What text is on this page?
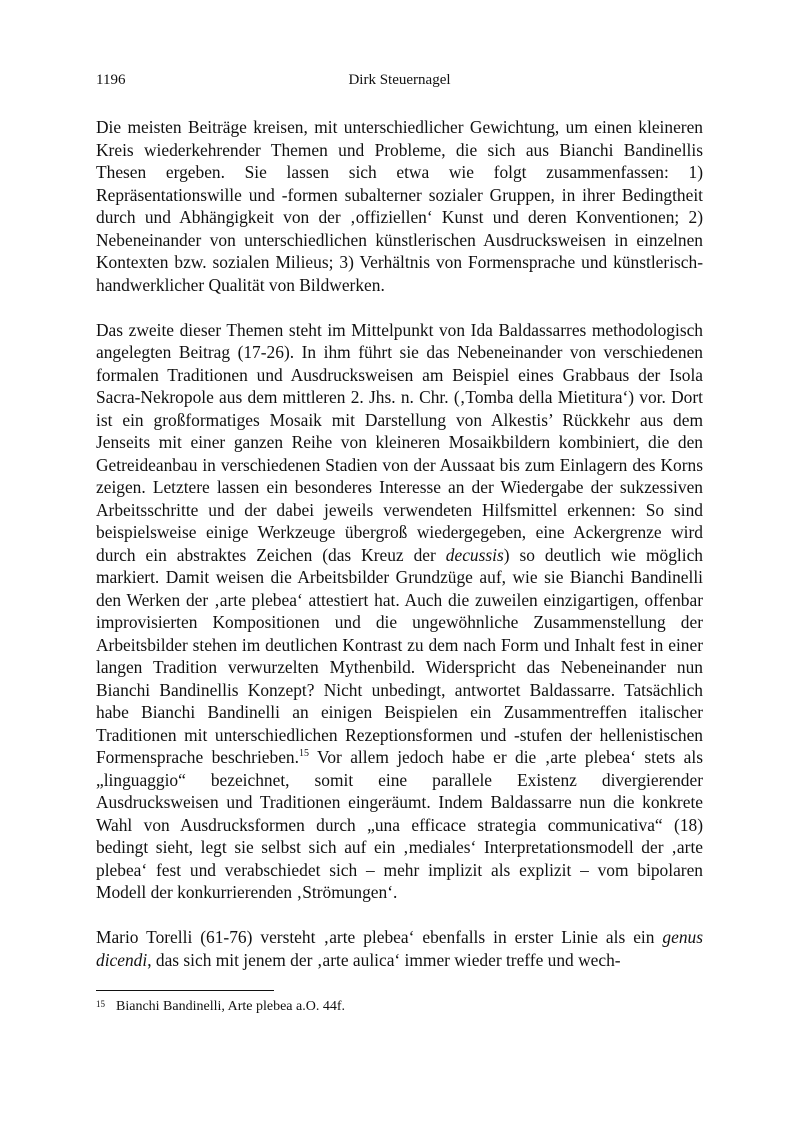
1196	Dirk Steuernagel

Die meisten Beiträge kreisen, mit unterschiedlicher Gewichtung, um einen kleineren Kreis wiederkehrender Themen und Probleme, die sich aus Bianchi Bandinellis Thesen ergeben. Sie lassen sich etwa wie folgt zusammenfassen: 1) Repräsentationswille und -formen subalterner sozialer Gruppen, in ihrer Bedingtheit durch und Abhängigkeit von der ‚offiziellen‘ Kunst und deren Konventionen; 2) Nebeneinander von unterschiedlichen künstlerischen Ausdrucksweisen in einzelnen Kontexten bzw. sozialen Milieus; 3) Verhältnis von Formensprache und künstlerisch-handwerklicher Qualität von Bildwerken.

Das zweite dieser Themen steht im Mittelpunkt von Ida Baldassarres methodologisch angelegten Beitrag (17-26). In ihm führt sie das Nebeneinander von verschiedenen formalen Traditionen und Ausdrucksweisen am Beispiel eines Grabbaus der Isola Sacra-Nekropole aus dem mittleren 2. Jhs. n. Chr. (‚Tomba della Mietitura‘) vor. Dort ist ein großformatiges Mosaik mit Darstellung von Alkestis’ Rückkehr aus dem Jenseits mit einer ganzen Reihe von kleineren Mosaikbildern kombiniert, die den Getreideanbau in verschiedenen Stadien von der Aussaat bis zum Einlagern des Korns zeigen. Letztere lassen ein besonderes Interesse an der Wiedergabe der sukzessiven Arbeitsschritte und der dabei jeweils verwendeten Hilfsmittel erkennen: So sind beispielsweise einige Werkzeuge übergroß wiedergegeben, eine Ackergrenze wird durch ein abstraktes Zeichen (das Kreuz der decussis) so deutlich wie möglich markiert. Damit weisen die Arbeitsbilder Grundzüge auf, wie sie Bianchi Bandinelli den Werken der ‚arte plebea‘ attestiert hat. Auch die zuweilen einzigartigen, offenbar improvisierten Kompositionen und die ungewöhnliche Zusammenstellung der Arbeitsbilder stehen im deutlichen Kontrast zu dem nach Form und Inhalt fest in einer langen Tradition verwurzelten Mythenbild. Widerspricht das Nebeneinander nun Bianchi Bandinellis Konzept? Nicht unbedingt, antwortet Baldassarre. Tatsächlich habe Bianchi Bandinelli an einigen Beispielen ein Zusammentreffen italischer Traditionen mit unterschiedlichen Rezeptionsformen und -stufen der hellenistischen Formensprache beschrieben.$^{15}$ Vor allem jedoch habe er die ‚arte plebea‘ stets als „linguaggio“ bezeichnet, somit eine parallele Existenz divergierender Ausdrucksweisen und Traditionen eingeräumt. Indem Baldassarre nun die konkrete Wahl von Ausdrucksformen durch „una efficace strategia communicativa“ (18) bedingt sieht, legt sie selbst sich auf ein ‚mediales‘ Interpretationsmodell der ‚arte plebea‘ fest und verabschiedet sich – mehr implizit als explizit – vom bipolaren Modell der konkurrierenden ‚Strömungen‘.

Mario Torelli (61-76) versteht ‚arte plebea‘ ebenfalls in erster Linie als ein genus dicendi, das sich mit jenem der ‚arte aulica‘ immer wieder treffe und wech-

15 Bianchi Bandinelli, Arte plebea a.O. 44f.
